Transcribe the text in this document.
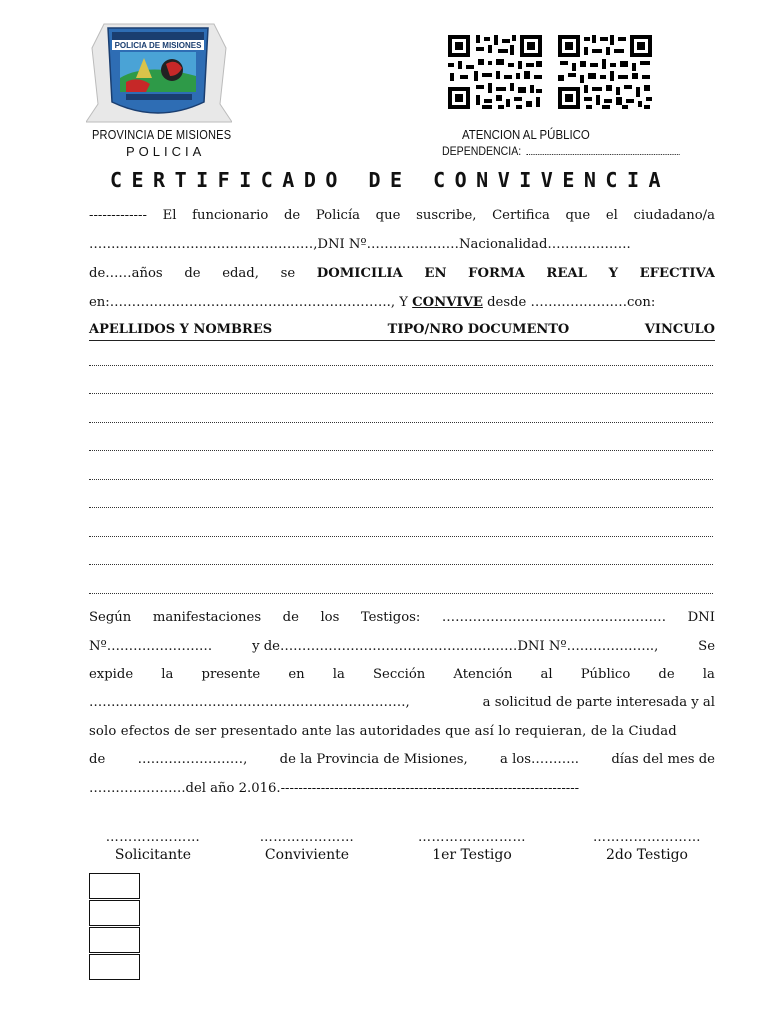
POLICIA DE MISIONES
PROVINCIA DE MISIONES
POLICIA
ATENCION AL PÚBLICO
DEPENDENCIA:
CERTIFICADO DE CONVIVENCIA
------------- El funcionario de Policía que suscribe, Certifica que el ciudadano/a
……………………………………………,DNI Nº…………………Nacionalidad……………….
de……años de edad, se DOMICILIA EN FORMA REAL Y EFECTIVA
en:………………………………………………………., Y CONVIVE desde ……………….…con:
APELLIDOS Y NOMBRES	TIPO/NRO DOCUMENTO	VINCULO
Según manifestaciones de los Testigos: …………………………………………… DNI
Nº……………………	y de………………………………………………DNI Nº………………..,	Se
expide la presente en la Sección Atención al Público de la
………………………………………………………………,	a solicitud de parte interesada y al
solo efectos de ser presentado ante las autoridades que así lo requieran, de la Ciudad
de ……………………, de la Provincia de Misiones, a los……….. días del mes de
………………….del año 2.016.-------------------------------------------------------------------
…………………
Solicitante
…………………
Conviviente
……………………
1er Testigo
……………………
2do Testigo
